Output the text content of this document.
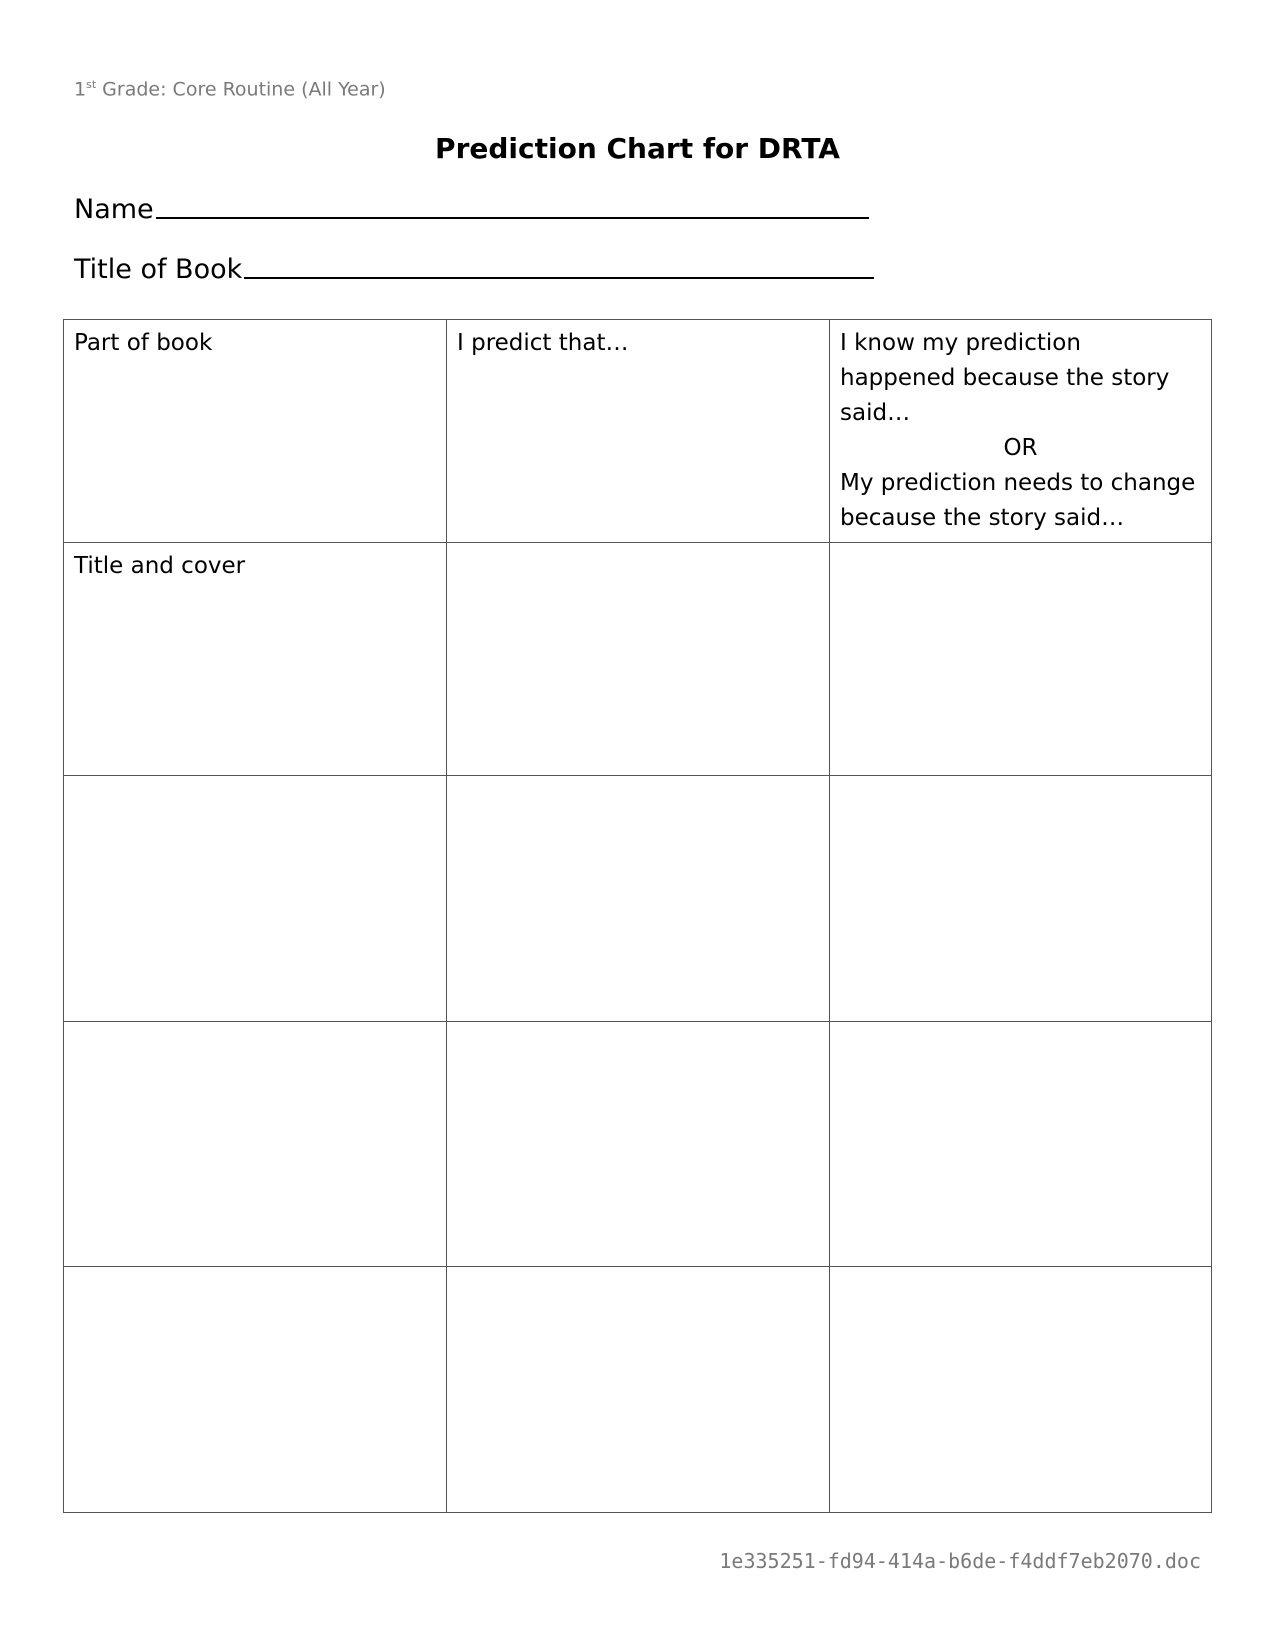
1st Grade: Core Routine (All Year)
Prediction Chart for DRTA
Name
Title of Book
Part of book	I predict that…	I know my prediction happened because the story said…
OR
My prediction needs to change because the story said…

Title and cover		

1e335251-fd94-414a-b6de-f4ddf7eb2070.doc
